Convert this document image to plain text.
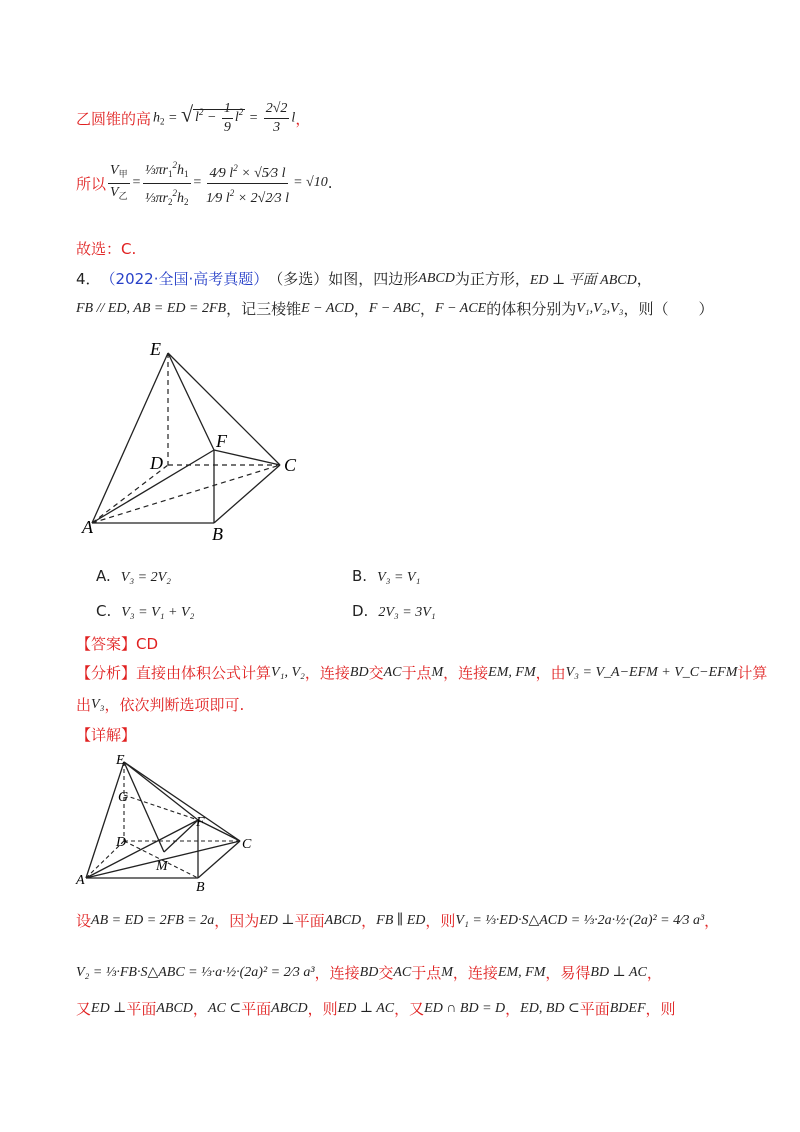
乙圆锥的高 $h_2$ = √ $l^2 - \frac{1}{9} l^2 = \frac{2√2}{3}$ l ，
所以 $\frac{V_甲}{V_乙} = \frac{\frac{1}{3}\pi r_1^2h_1}{\frac{1}{3}\pi r_2^2h_2} = \frac{4⁄9 l^2 \times √5⁄3 l}{1⁄9 l^2 \times 2√2⁄3 l} = √10$ .
故选：C.
4． （2022·全国·高考真题） （多选）如图，四边形 ABCD 为正方形， ED ⊥ 平面 ABCD ，
FB // ED, AB = ED = 2FB ，记三棱锥 E − ACD ， F − ABC ， F − ACE 的体积分别为 V₁,V₂,V₃ ，则（　　）
E
F
D	C
A	B
A. V₃ = 2V₂	B. V₃ = V₁
C. V₃ = V₁ + V₂	D. 2V₃ = 3V₁
【答案】CD
【分析】 直接由体积公式计算 V₁, V₂ ，连接 BD 交 AC 于点 M ，连接 EM, FM ，由 V₃ = V_A−EFM + V_C−EFM 计算
出 V₃ ，依次判断选项即可.
【详解】
E
G
F
D	C
M
A	B
设 AB = ED = 2FB = 2a ，因为 ED ⊥ 平面 ABCD ， FB ∥ ED ，则 V₁ = ⅓·ED·S△ACD = ⅓·2a·½·(2a)² = 4⁄3 a³ ，
V₂ = ⅓·FB·S△ABC = ⅓·a·½·(2a)² = 2⁄3 a³ ，连接 BD 交 AC 于点 M ，连接 EM, FM ，易得 BD ⊥ AC ，
又 ED ⊥ 平面 ABCD ， AC ⊂ 平面 ABCD ，则 ED ⊥ AC ，又 ED ∩ BD = D ， ED, BD ⊂ 平面 BDEF ，则
